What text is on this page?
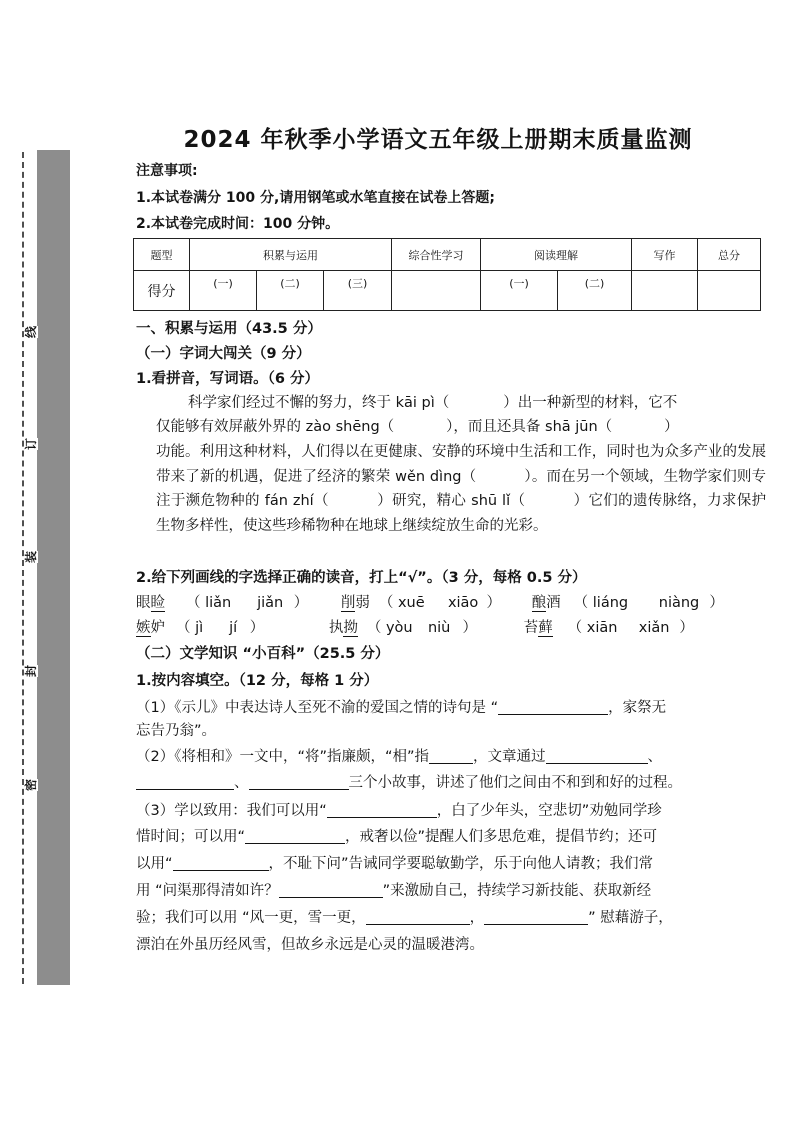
线
订
装
封
密
2024 年秋季小学语文五年级上册期末质量监测
注意事项:
1.本试卷满分 100 分,请用钢笔或水笔直接在试卷上答题;
2.本试卷完成时间：100 分钟。
题型	积累与运用			综合性学习	阅读理解		写作	总分
得分	(一)	(二)	(三)		(一)	(二)		
一、积累与运用（43.5 分）
（一）字词大闯关（9 分）
1.看拼音，写词语。（6 分）
科学家们经过不懈的努力，终于 kāi pì（	）出一种新型的材料，它不
仅能够有效屏蔽外界的 zào shēng（	），而且还具备 shā jūn（	）
功能。利用这种材料，人们得以在更健康、安静的环境中生活和工作，同时也为众多产业的发展带来了新的机遇，促进了经济的繁荣 wěn dìng（	）。而在另一个领域，生物学家们则专注于濒危物种的 fán zhí（	）研究，精心 shū lǐ（	）它们的遗传脉络，力求保护生物多样性，使这些珍稀物种在地球上继续绽放生命的光彩。
2.给下列画线的字选择正确的读音，打上“√”。（3 分，每格 0.5 分）
眼睑 （ liǎn jiǎn ） 削弱 （ xuē xiāo ） 酿酒 （ liáng niàng ）
嫉妒 （ jì jí ）	执拗 （ yòu niù ）	苔藓 （ xiān xiǎn ）
（二）文学知识 “小百科”（25.5 分）
1.按内容填空。（12 分，每格 1 分）
（1）《示儿》中表达诗人至死不渝的爱国之情的诗句是 “	，家祭无
忘告乃翁”。
（2）《将相和》一文中，“将”指廉颇，“相”指	，文章通过	、
、	三个小故事，讲述了他们之间由不和到和好的过程。
（3）学以致用：我们可以用“	，白了少年头，空悲切”劝勉同学珍
惜时间；可以用“	，戒奢以俭”提醒人们多思危难，提倡节约；还可
以用“	，不耻下问”告诫同学要聪敏勤学，乐于向他人请教；我们常
用 “问渠那得清如许？	”来激励自己，持续学习新技能、获取新经
验；我们可以用 “风一更，雪一更，	，	” 慰藉游子，
漂泊在外虽历经风雪，但故乡永远是心灵的温暖港湾。
